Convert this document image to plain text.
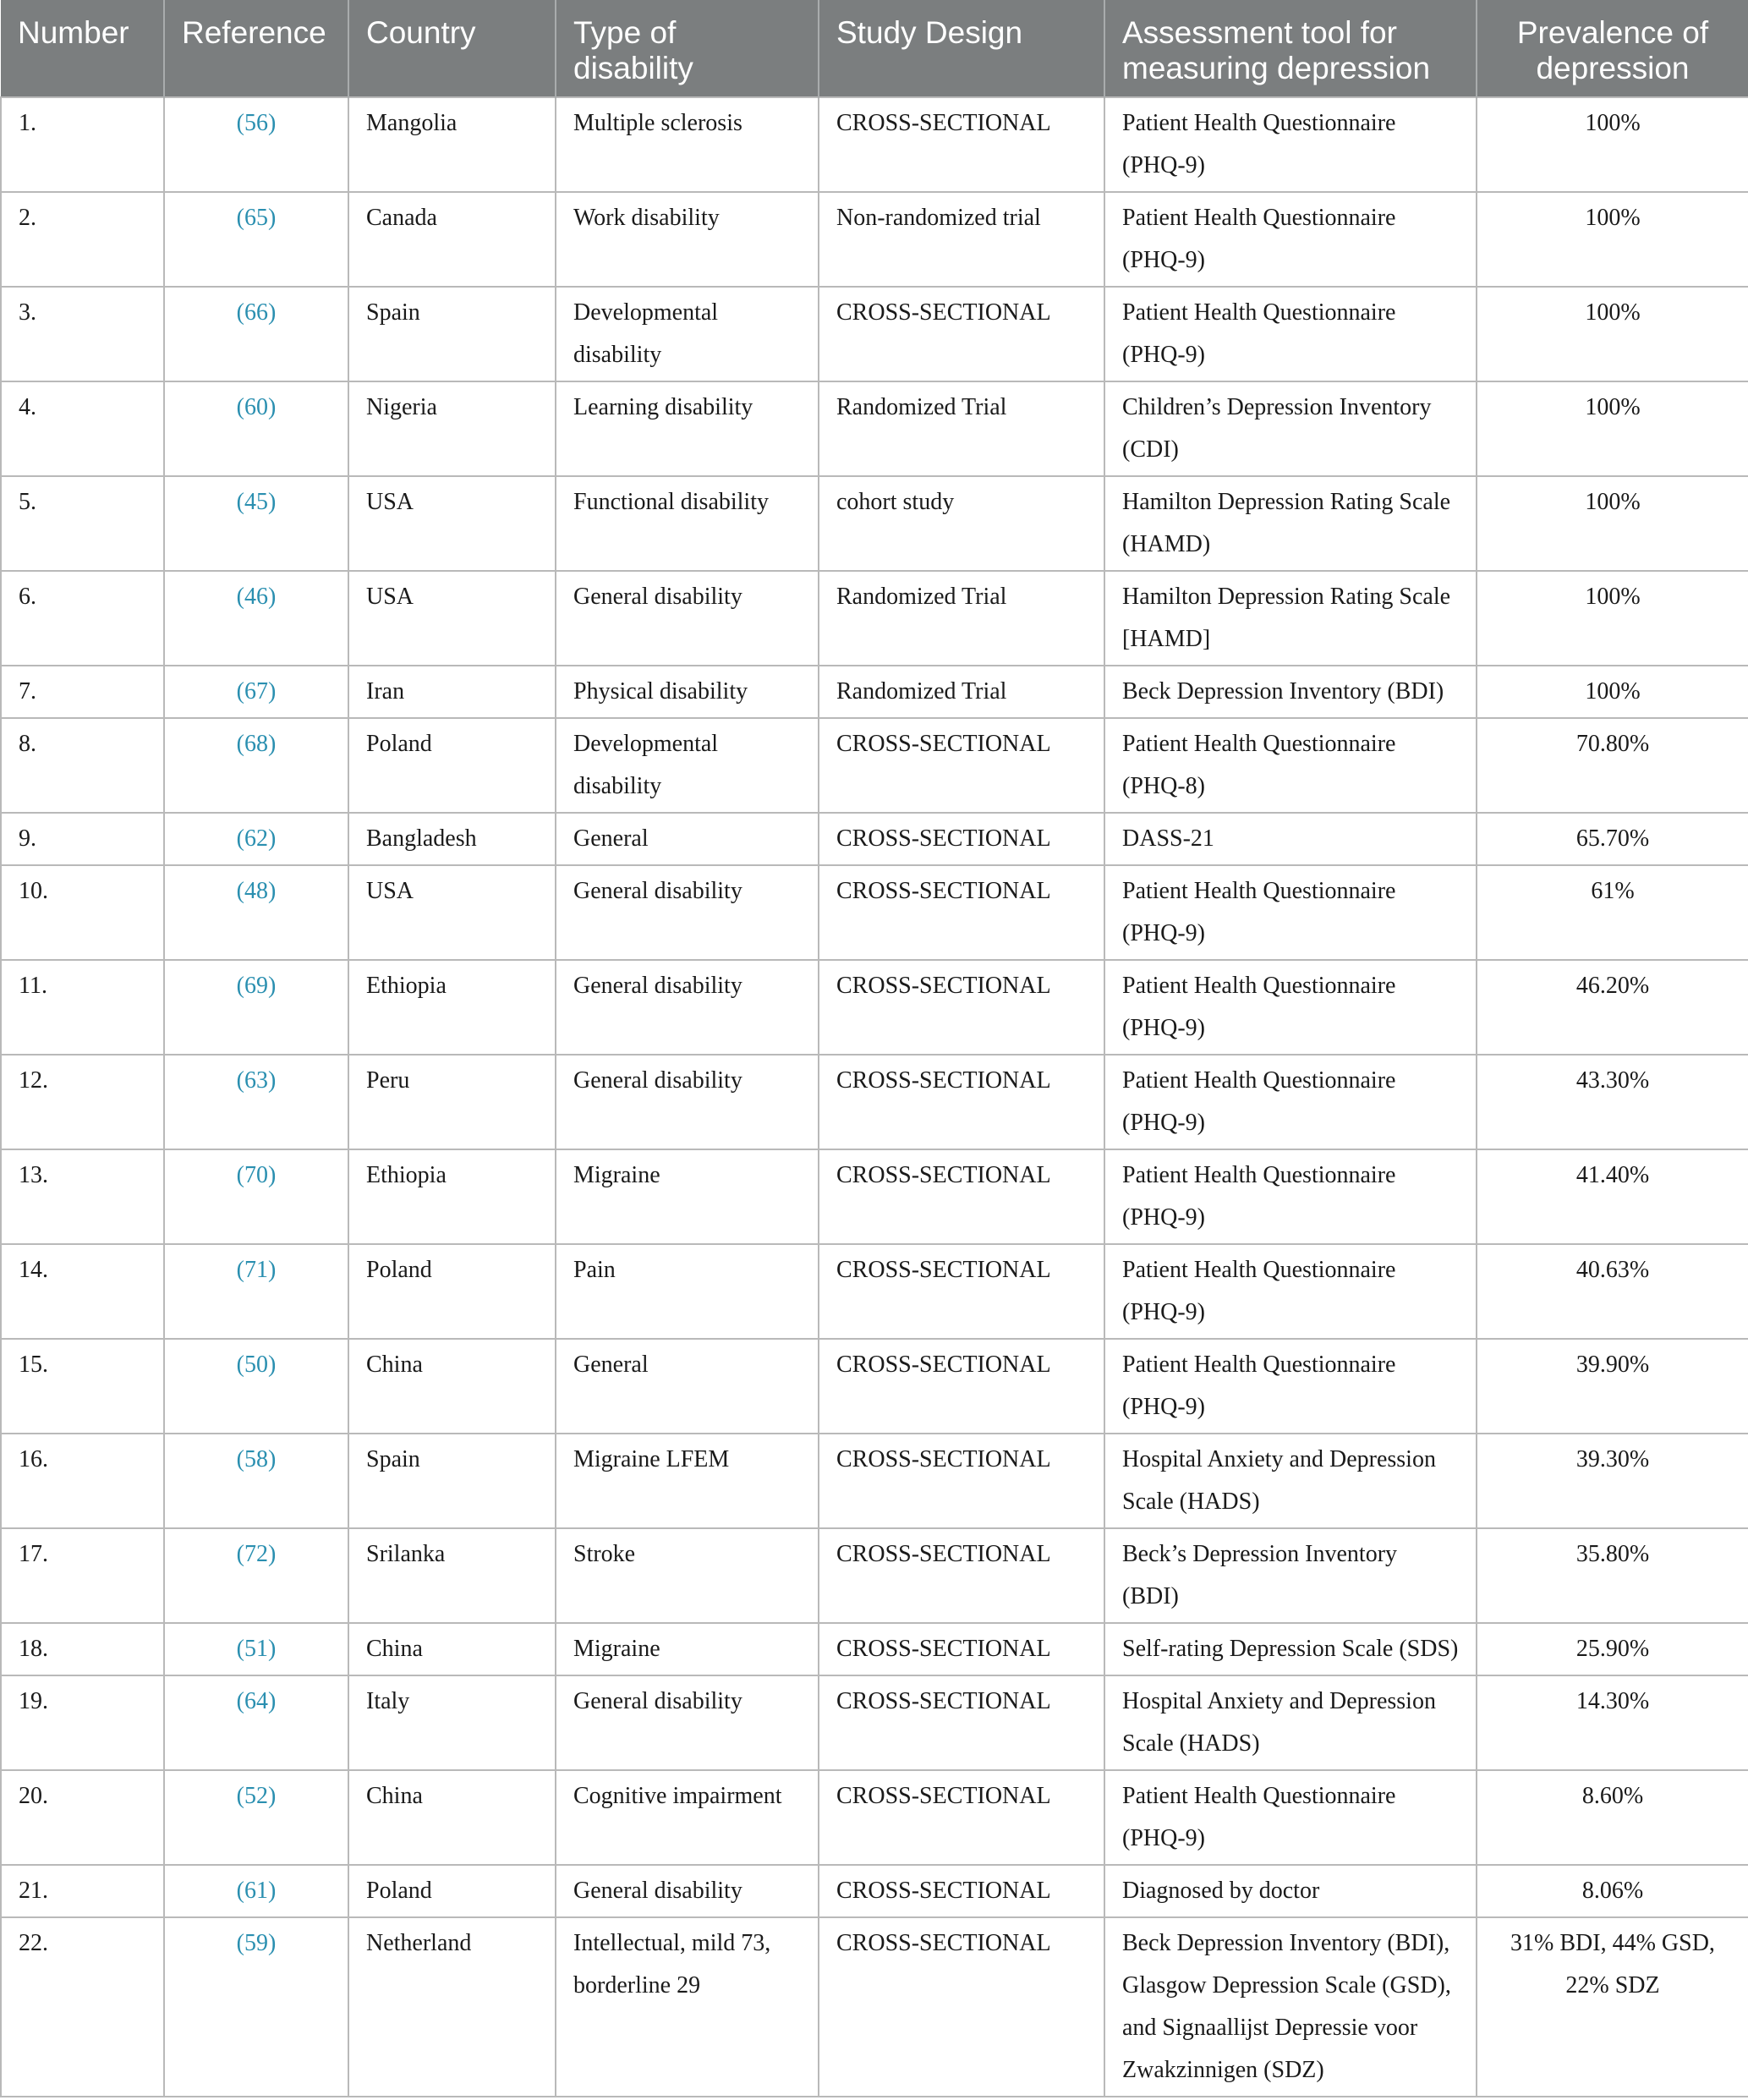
Number	Reference	Country	Type of disability	Study Design	Assessment tool for measuring depression	Prevalence of depression
1.	(56)	Mangolia	Multiple sclerosis	CROSS-SECTIONAL	Patient Health Questionnaire (PHQ-9)	100%
2.	(65)	Canada	Work disability	Non-randomized trial	Patient Health Questionnaire (PHQ-9)	100%
3.	(66)	Spain	Developmental disability	CROSS-SECTIONAL	Patient Health Questionnaire (PHQ-9)	100%
4.	(60)	Nigeria	Learning disability	Randomized Trial	Children’s Depression Inventory (CDI)	100%
5.	(45)	USA	Functional disability	cohort study	Hamilton Depression Rating Scale (HAMD)	100%
6.	(46)	USA	General disability	Randomized Trial	Hamilton Depression Rating Scale [HAMD]	100%
7.	(67)	Iran	Physical disability	Randomized Trial	Beck Depression Inventory (BDI)	100%
8.	(68)	Poland	Developmental disability	CROSS-SECTIONAL	Patient Health Questionnaire (PHQ-8)	70.80%
9.	(62)	Bangladesh	General	CROSS-SECTIONAL	DASS-21	65.70%
10.	(48)	USA	General disability	CROSS-SECTIONAL	Patient Health Questionnaire (PHQ-9)	61%
11.	(69)	Ethiopia	General disability	CROSS-SECTIONAL	Patient Health Questionnaire (PHQ-9)	46.20%
12.	(63)	Peru	General disability	CROSS-SECTIONAL	Patient Health Questionnaire (PHQ-9)	43.30%
13.	(70)	Ethiopia	Migraine	CROSS-SECTIONAL	Patient Health Questionnaire (PHQ-9)	41.40%
14.	(71)	Poland	Pain	CROSS-SECTIONAL	Patient Health Questionnaire (PHQ-9)	40.63%
15.	(50)	China	General	CROSS-SECTIONAL	Patient Health Questionnaire (PHQ-9)	39.90%
16.	(58)	Spain	Migraine LFEM	CROSS-SECTIONAL	Hospital Anxiety and Depression Scale (HADS)	39.30%
17.	(72)	Srilanka	Stroke	CROSS-SECTIONAL	Beck’s Depression Inventory (BDI)	35.80%
18.	(51)	China	Migraine	CROSS-SECTIONAL	Self-rating Depression Scale (SDS)	25.90%
19.	(64)	Italy	General disability	CROSS-SECTIONAL	Hospital Anxiety and Depression Scale (HADS)	14.30%
20.	(52)	China	Cognitive impairment	CROSS-SECTIONAL	Patient Health Questionnaire (PHQ-9)	8.60%
21.	(61)	Poland	General disability	CROSS-SECTIONAL	Diagnosed by doctor	8.06%
22.	(59)	Netherland	Intellectual, mild 73, borderline 29	CROSS-SECTIONAL	Beck Depression Inventory (BDI), Glasgow Depression Scale (GSD), and Signaallijst Depressie voor Zwakzinnigen (SDZ)	31% BDI, 44% GSD, 22% SDZ
